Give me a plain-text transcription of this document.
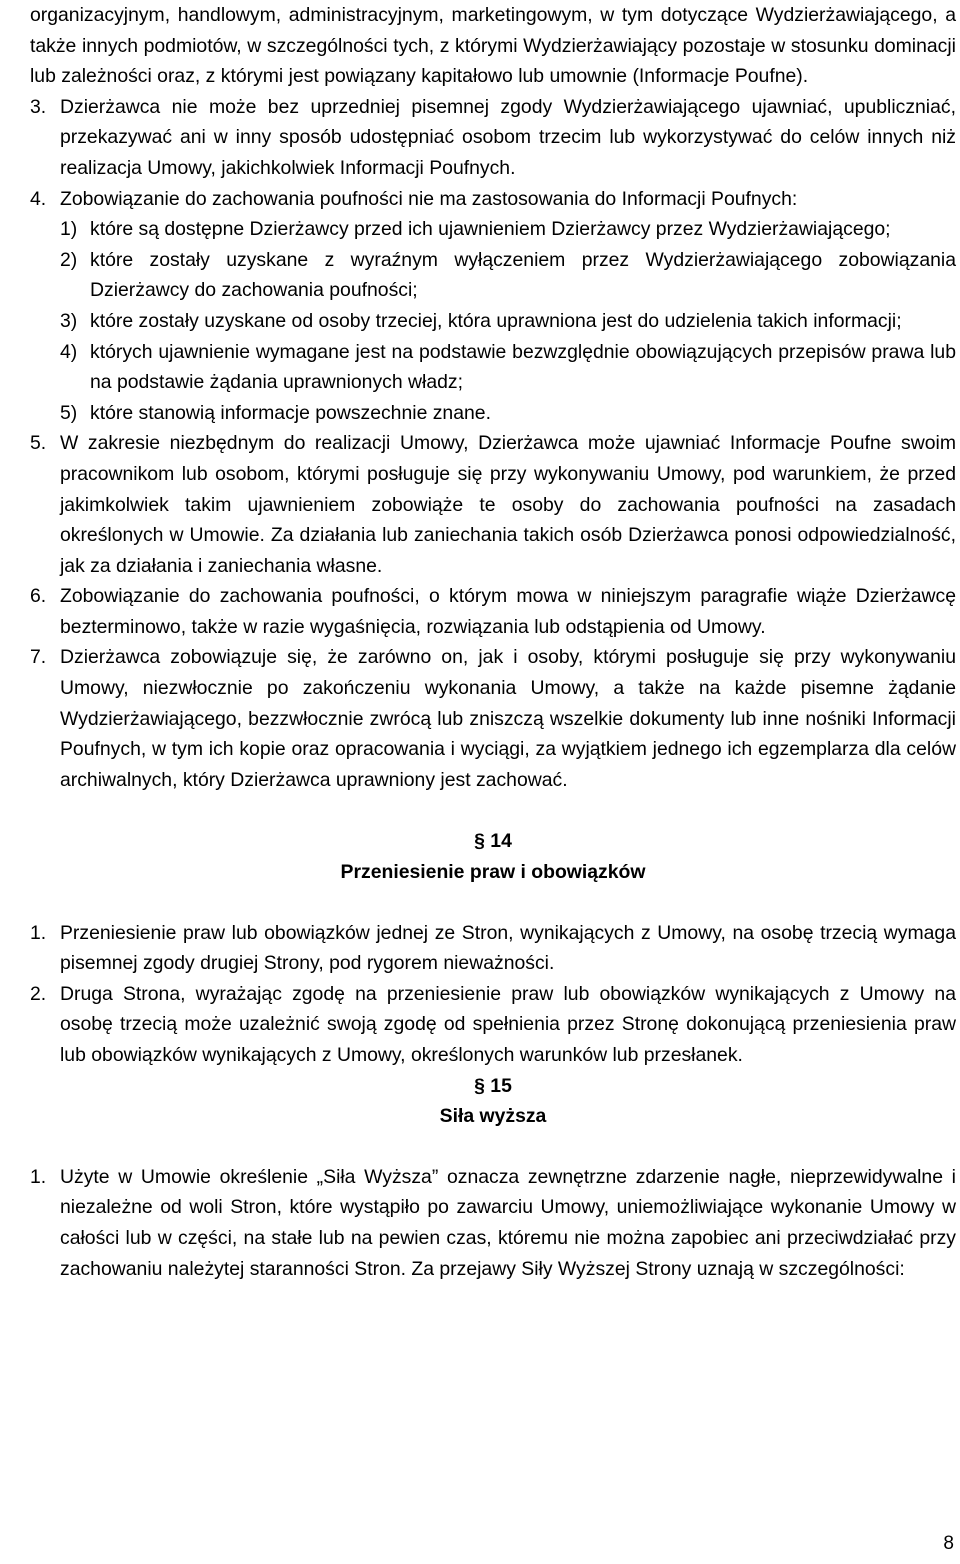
organizacyjnym, handlowym, administracyjnym, marketingowym, w tym dotyczące Wydzierżawiającego, a także innych podmiotów, w szczególności tych, z którymi Wydzierżawiający pozostaje w stosunku dominacji lub zależności oraz, z którymi jest powiązany kapitałowo lub umownie (Informacje Poufne).

3. Dzierżawca nie może bez uprzedniej pisemnej zgody Wydzierżawiającego ujawniać, upubliczniać, przekazywać ani w inny sposób udostępniać osobom trzecim lub wykorzystywać do celów innych niż realizacja Umowy, jakichkolwiek Informacji Poufnych.
4. Zobowiązanie do zachowania poufności nie ma zastosowania do Informacji Poufnych:
1) które są dostępne Dzierżawcy przed ich ujawnieniem Dzierżawcy przez Wydzierżawiającego;
2) które zostały uzyskane z wyraźnym wyłączeniem przez Wydzierżawiającego zobowiązania Dzierżawcy do zachowania poufności;
3) które zostały uzyskane od osoby trzeciej, która uprawniona jest do udzielenia takich informacji;
4) których ujawnienie wymagane jest na podstawie bezwzględnie obowiązujących przepisów prawa lub na podstawie żądania uprawnionych władz;
5) które stanowią informacje powszechnie znane.
5. W zakresie niezbędnym do realizacji Umowy, Dzierżawca może ujawniać Informacje Poufne swoim pracownikom lub osobom, którymi posługuje się przy wykonywaniu Umowy, pod warunkiem, że przed jakimkolwiek takim ujawnieniem zobowiąże te osoby do zachowania poufności na zasadach określonych w Umowie. Za działania lub zaniechania takich osób Dzierżawca ponosi odpowiedzialność, jak za działania i zaniechania własne.
6. Zobowiązanie do zachowania poufności, o którym mowa w niniejszym paragrafie wiąże Dzierżawcę bezterminowo, także w razie wygaśnięcia, rozwiązania lub odstąpienia od Umowy.
7. Dzierżawca zobowiązuje się, że zarówno on, jak i osoby, którymi posługuje się przy wykonywaniu Umowy, niezwłocznie po zakończeniu wykonania Umowy, a także na każde pisemne żądanie Wydzierżawiającego, bezzwłocznie zwrócą lub zniszczą wszelkie dokumenty lub inne nośniki Informacji Poufnych, w tym ich kopie oraz opracowania i wyciągi, za wyjątkiem jednego ich egzemplarza dla celów archiwalnych, który Dzierżawca uprawniony jest zachować.

§ 14

Przeniesienie praw i obowiązków

1. Przeniesienie praw lub obowiązków jednej ze Stron, wynikających z Umowy, na osobę trzecią wymaga pisemnej zgody drugiej Strony, pod rygorem nieważności.
2. Druga Strona, wyrażając zgodę na przeniesienie praw lub obowiązków wynikających z Umowy na osobę trzecią może uzależnić swoją zgodę od spełnienia przez Stronę dokonującą przeniesienia praw lub obowiązków wynikających z Umowy, określonych warunków lub przesłanek.

§ 15

Siła wyższa

1. Użyte w Umowie określenie „Siła Wyższa” oznacza zewnętrzne zdarzenie nagłe, nieprzewidywalne i niezależne od woli Stron, które wystąpiło po zawarciu Umowy, uniemożliwiające wykonanie Umowy w całości lub w części, na stałe lub na pewien czas, któremu nie można zapobiec ani przeciwdziałać przy zachowaniu należytej staranności Stron. Za przejawy Siły Wyższej Strony uznają w szczególności:
8
